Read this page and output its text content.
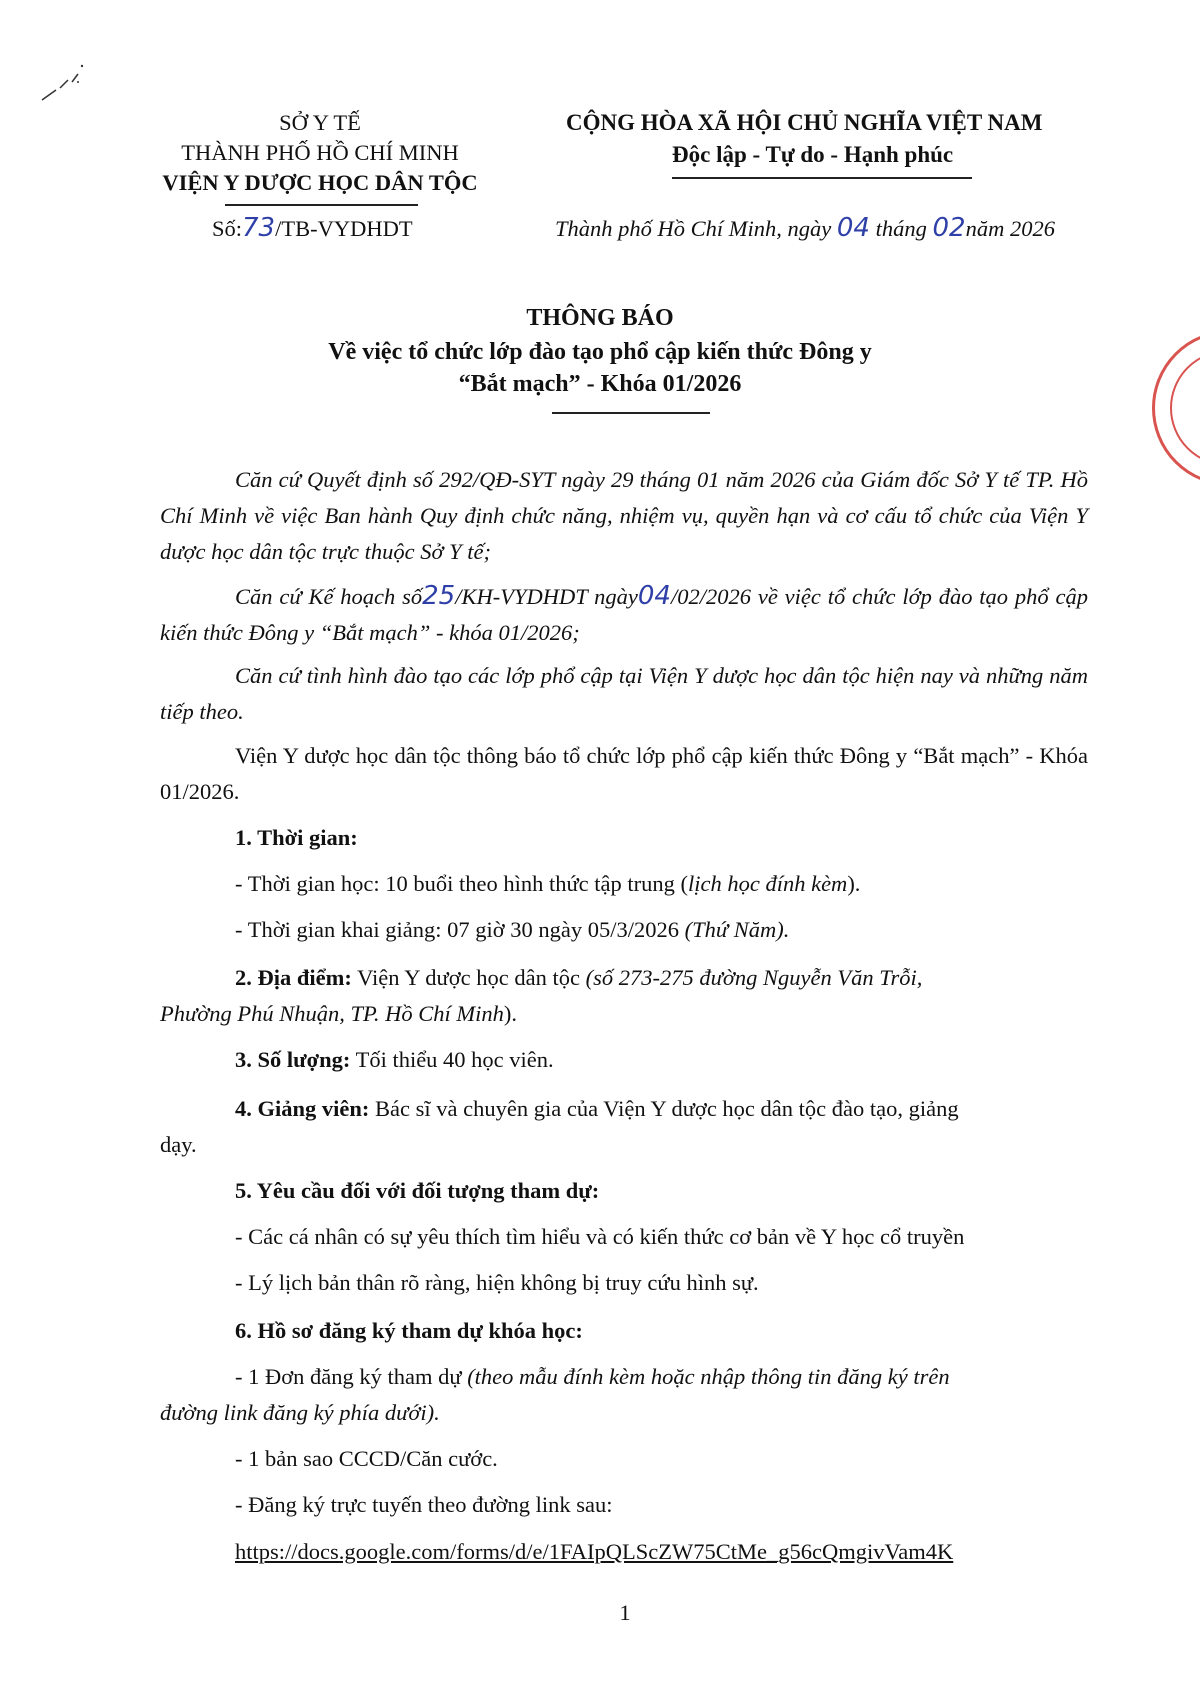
SỞ Y TẾ
THÀNH PHỐ HỒ CHÍ MINH
VIỆN Y DƯỢC HỌC DÂN TỘC
Số:73/TB-VYDHDT
CỘNG HÒA XÃ HỘI CHỦ NGHĨA VIỆT NAM
Độc lập - Tự do - Hạnh phúc
Thành phố Hồ Chí Minh, ngày 04 tháng 02năm 2026
THÔNG BÁO
Về việc tổ chức lớp đào tạo phổ cập kiến thức Đông y
“Bắt mạch” - Khóa 01/2026
Căn cứ Quyết định số 292/QĐ-SYT ngày 29 tháng 01 năm 2026 của Giám đốc Sở Y tế TP. Hồ Chí Minh về việc Ban hành Quy định chức năng, nhiệm vụ, quyền hạn và cơ cấu tổ chức của Viện Y dược học dân tộc trực thuộc Sở Y tế;
Căn cứ Kế hoạch số25/KH-VYDHDT ngày04/02/2026 về việc tổ chức lớp đào tạo phổ cập kiến thức Đông y “Bắt mạch” - khóa 01/2026;
Căn cứ tình hình đào tạo các lớp phổ cập tại Viện Y dược học dân tộc hiện nay và những năm tiếp theo.
Viện Y dược học dân tộc thông báo tổ chức lớp phổ cập kiến thức Đông y “Bắt mạch” - Khóa 01/2026.
1. Thời gian:
- Thời gian học: 10 buổi theo hình thức tập trung (lịch học đính kèm).
- Thời gian khai giảng: 07 giờ 30 ngày 05/3/2026 (Thứ Năm).
2. Địa điểm: Viện Y dược học dân tộc (số 273-275 đường Nguyễn Văn Trỗi,
Phường Phú Nhuận, TP. Hồ Chí Minh).
3. Số lượng: Tối thiểu 40 học viên.
4. Giảng viên: Bác sĩ và chuyên gia của Viện Y dược học dân tộc đào tạo, giảng
dạy.
5. Yêu cầu đối với đối tượng tham dự:
- Các cá nhân có sự yêu thích tìm hiểu và có kiến thức cơ bản về Y học cổ truyền
- Lý lịch bản thân rõ ràng, hiện không bị truy cứu hình sự.
6. Hồ sơ đăng ký tham dự khóa học:
- 1 Đơn đăng ký tham dự (theo mẫu đính kèm hoặc nhập thông tin đăng ký trên
đường link đăng ký phía dưới).
- 1 bản sao CCCD/Căn cước.
- Đăng ký trực tuyến theo đường link sau:
https://docs.google.com/forms/d/e/1FAIpQLScZW75CtMe_g56cQmgivVam4K
1
